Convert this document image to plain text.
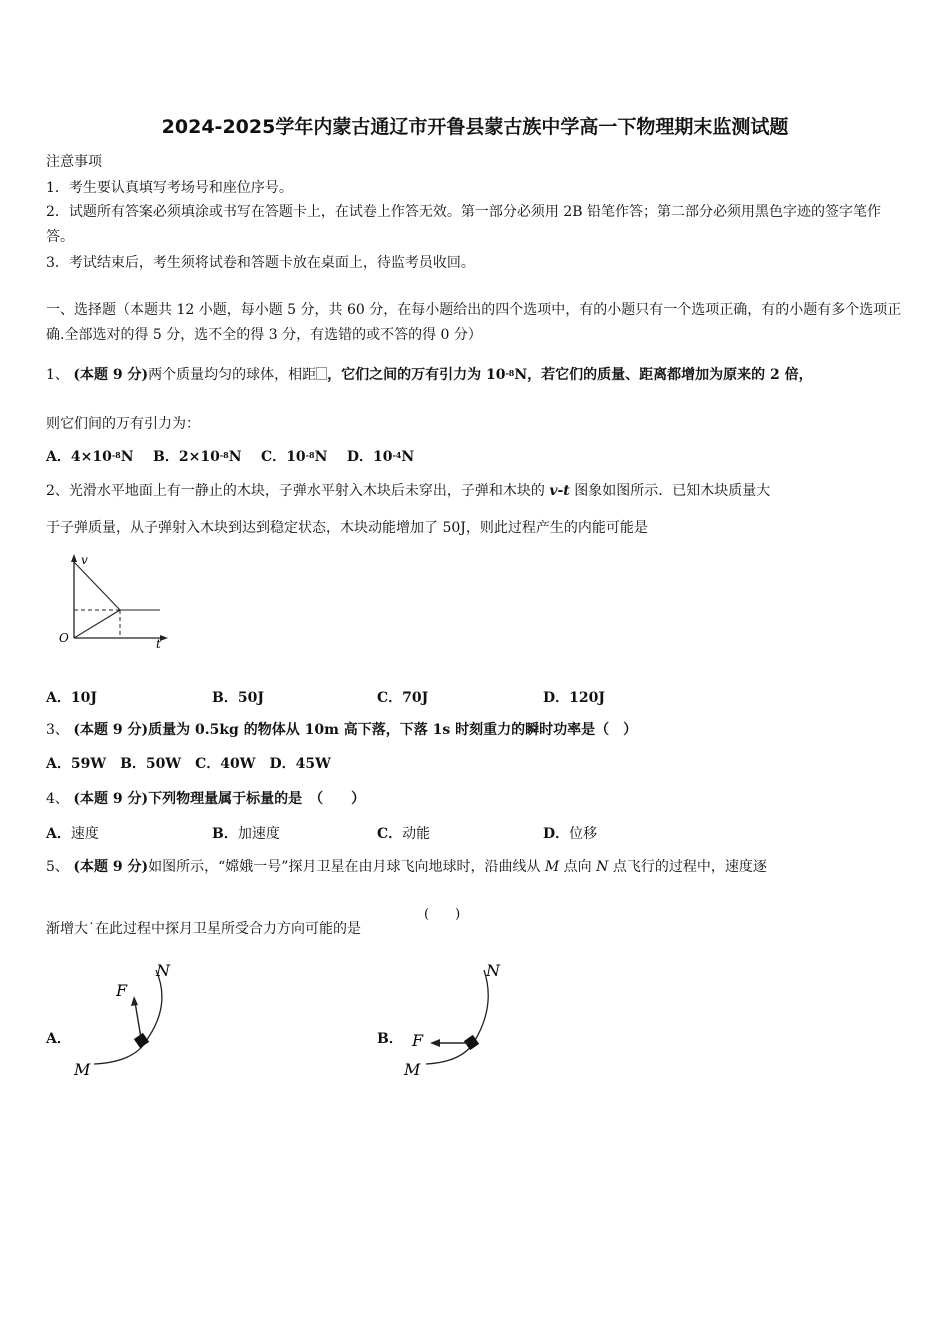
2024-2025学年内蒙古通辽市开鲁县蒙古族中学高一下物理期末监测试题
注意事项
1．考生要认真填写考场号和座位序号。
2．试题所有答案必须填涂或书写在答题卡上，在试卷上作答无效。第一部分必须用 2B 铅笔作答；第二部分必须用黑色字迹的签字笔作答。
3．考试结束后，考生须将试卷和答题卡放在桌面上，待监考员收回。
一、选择题（本题共 12 小题，每小题 5 分，共 60 分，在每小题给出的四个选项中，有的小题只有一个选项正确，有的小题有多个选项正确.全部选对的得 5 分，选不全的得 3 分，有选错的或不答的得 0 分）
1、 (本题 9 分)两个质量均匀的球体，相距 ，它们之间的万有引力为 $10^{-8}N$，若它们的质量、距离都增加为原来的 2 倍，
则它们间的万有引力为：
A．$4\times 10^{-8}N$ B．$2\times 10^{-8}N$ C．$10^{-8}N$ D．$10^{-4}N$
2、光滑水平地面上有一静止的木块，子弹水平射入木块后未穿出，子弹和木块的 v-t 图象如图所示．已知木块质量大
于子弹质量，从子弹射入木块到达到稳定状态，木块动能增加了 50J，则此过程产生的内能可能是
v
t
O
A．10J	B．50J	C．70J	D．120J
3、 (本题 9 分)质量为 0.5kg 的物体从 10m 高下落，下落 1s 时刻重力的瞬时功率是（　）
A．59W　B．50W　C．40W　D．45W
4、 (本题 9 分)下列物理量属于标量的是　（　　）
A．速度	B．加速度	C．动能	D．位移
5、 (本题 9 分)如图所示，“嫦娥一号”探月卫星在由月球飞向地球时，沿曲线从 M 点向 N 点飞行的过程中，速度逐
渐增大˙在此过程中探月卫星所受合力方向可能的是
(　　)
A．
F
N
M
B． F
N
M
